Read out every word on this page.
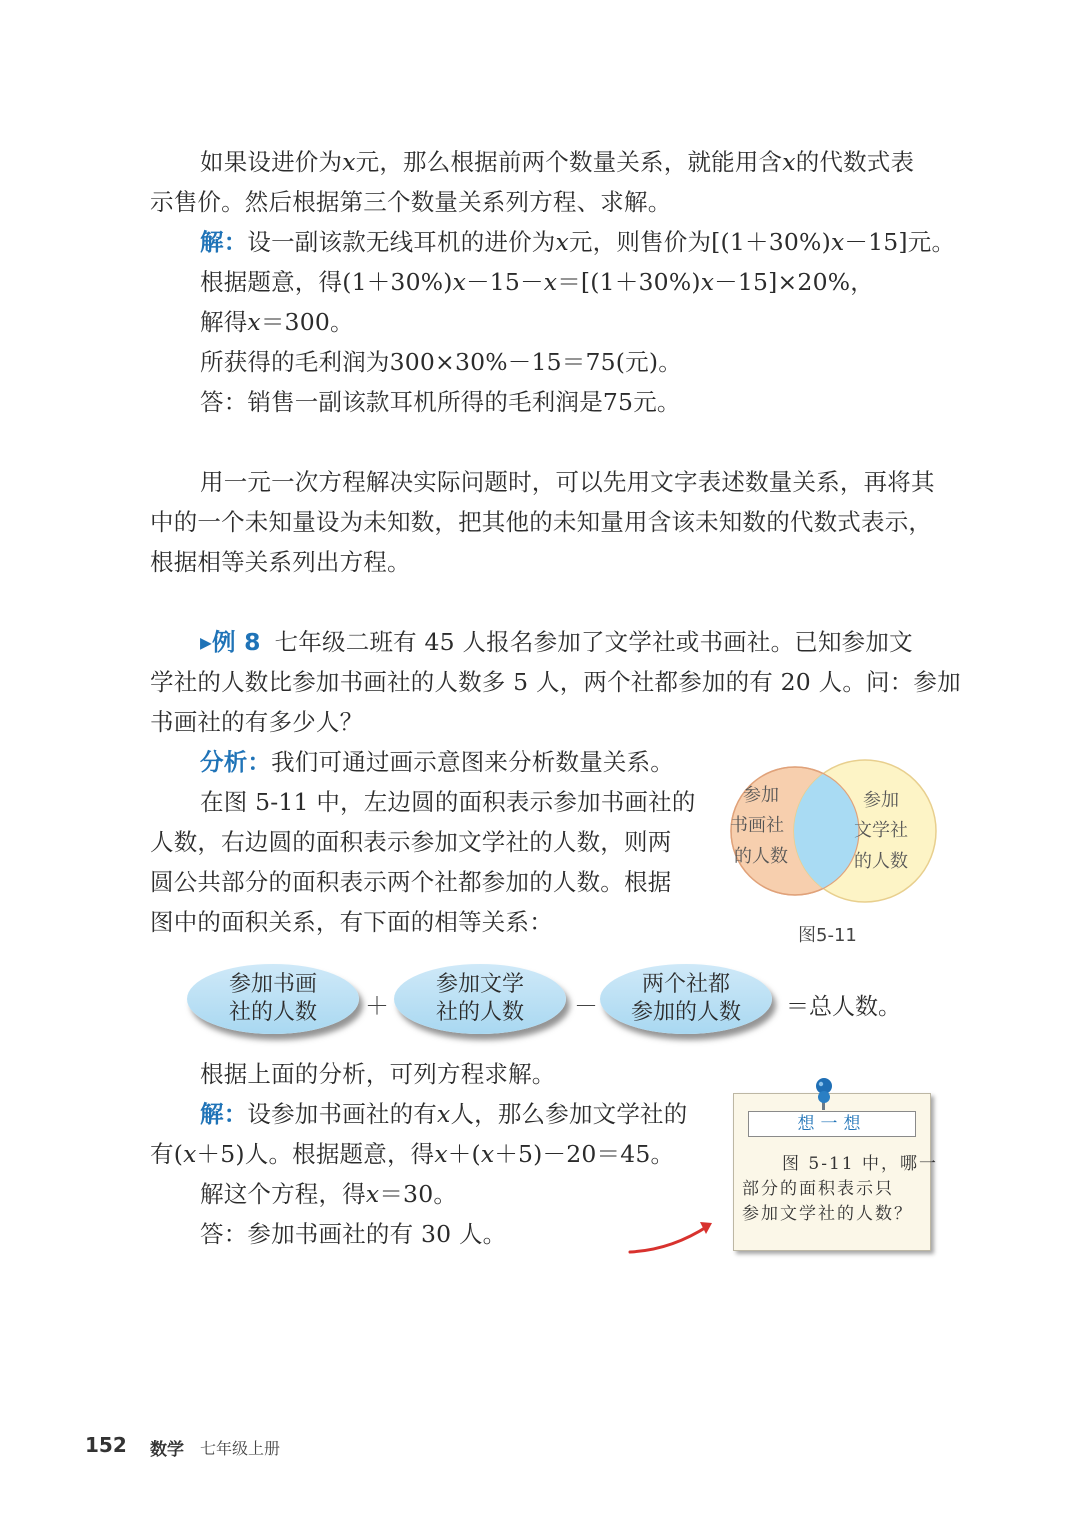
如果设进价为𝑥元，那么根据前两个数量关系，就能用含𝑥的代数式表
示售价。然后根据第三个数量关系列方程、求解。
解：设一副该款无线耳机的进价为𝑥元，则售价为[(1＋30%)𝑥－15]元。
根据题意，得(1＋30%)𝑥－15－𝑥＝[(1＋30%)𝑥－15]×20%，
解得𝑥＝300。
所获得的毛利润为300×30%－15＝75(元)。
答：销售一副该款耳机所得的毛利润是75元。
用一元一次方程解决实际问题时，可以先用文字表述数量关系，再将其
中的一个未知量设为未知数，把其他的未知量用含该未知数的代数式表示，
根据相等关系列出方程。
▸例 8 七年级二班有 45 人报名参加了文学社或书画社。已知参加文
学社的人数比参加书画社的人数多 5 人，两个社都参加的有 20 人。问：参加
书画社的有多少人？
分析：我们可通过画示意图来分析数量关系。
在图 5-11 中，左边圆的面积表示参加书画社的
人数，右边圆的面积表示参加文学社的人数，则两
圆公共部分的面积表示两个社都参加的人数。根据
图中的面积关系，有下面的相等关系：
参加
书画社
的人数
参加
文学社
的人数
图5-11
参加书画
社的人数 ＋
参加文学
社的人数 －
两个社都
参加的人数 ＝总人数。
根据上面的分析，可列方程求解。
解：设参加书画社的有𝑥人，那么参加文学社的
有(𝑥＋5)人。根据题意，得𝑥＋(𝑥＋5)－20＝45。
解这个方程，得𝑥＝30。
答：参加书画社的有 30 人。
想一想
图 5-11 中，哪一
部分的面积表示只
参加文学社的人数？
152 数学 七年级上册
